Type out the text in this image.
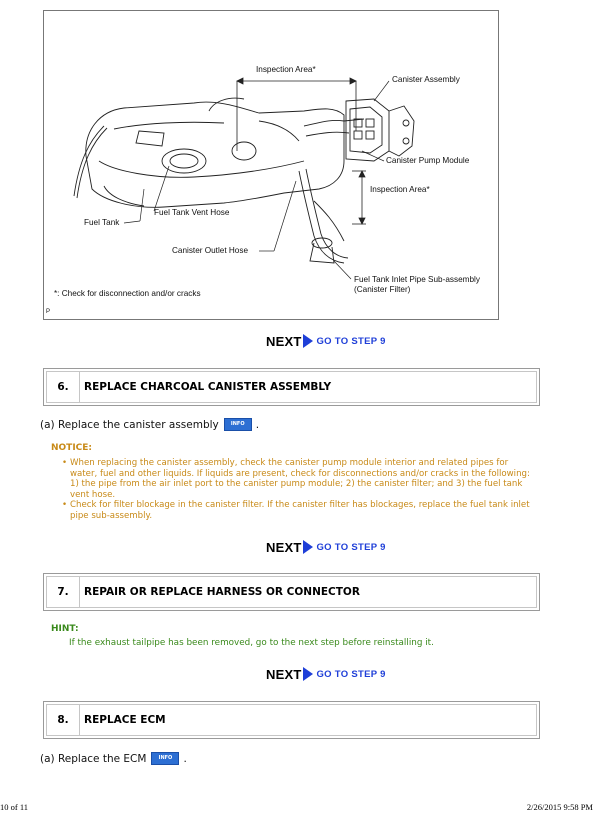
Inspection Area*
Canister Assembly
Canister Pump Module
Inspection Area*
Fuel Tank
Fuel Tank Vent Hose
Canister Outlet Hose
Fuel Tank Inlet Pipe Sub-assembly
(Canister Filter)
*: Check for disconnection and/or cracks
P
NEXT GO TO STEP 9
6.	REPLACE CHARCOAL CANISTER ASSEMBLY
(a) Replace the canister assembly	INFO	.
NOTICE:
• When replacing the canister assembly, check the canister pump module interior and related pipes for water, fuel and other liquids. If liquids are present, check for disconnections and/or cracks in the following: 1) the pipe from the air inlet port to the canister pump module; 2) the canister filter; and 3) the fuel tank vent hose.
• Check for filter blockage in the canister filter. If the canister filter has blockages, replace the fuel tank inlet pipe sub-assembly.
NEXT GO TO STEP 9
7.	REPAIR OR REPLACE HARNESS OR CONNECTOR
HINT:
If the exhaust tailpipe has been removed, go to the next step before reinstalling it.
NEXT GO TO STEP 9
8.	REPLACE ECM
(a) Replace the ECM	INFO	.
10 of 11	2/26/2015 9:58 PM
